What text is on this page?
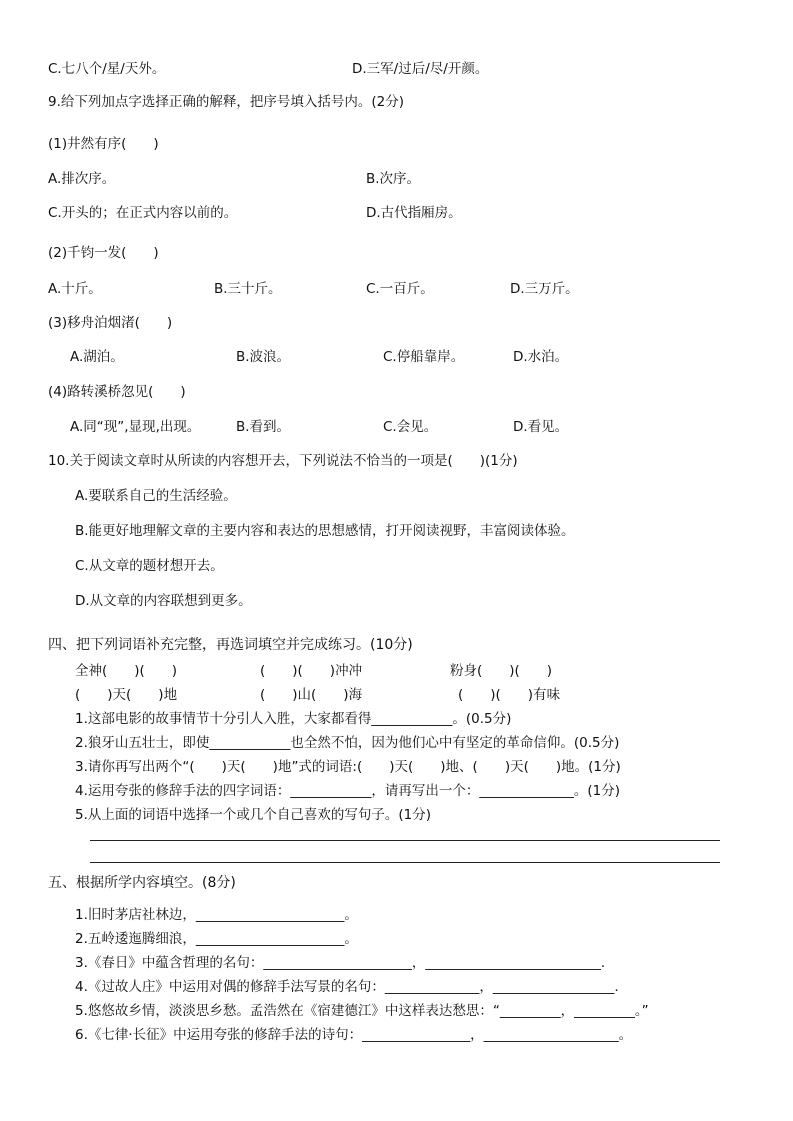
C.七八个/星/天外。	D.三军/过后/尽/开颜。
9.给下列加点字选择正确的解释，把序号填入括号内。(2分)
(1)井然有序(　　)
A.排次序。	B.次序。
C.开头的；在正式内容以前的。	D.古代指厢房。
(2)千钧一发(　　)
A.十斤。	B.三十斤。	C.一百斤。	D.三万斤。
(3)移舟泊烟渚(　　)
A.湖泊。	B.波浪。	C.停船靠岸。	D.水泊。
(4)路转溪桥忽见(　　)
A.同“现”,显现,出现。	B.看到。	C.会见。	D.看见。
10.关于阅读文章时从所读的内容想开去，下列说法不恰当的一项是(　　)(1分)
A.要联系自己的生活经验。
B.能更好地理解文章的主要内容和表达的思想感情，打开阅读视野，丰富阅读体验。
C.从文章的题材想开去。
D.从文章的内容联想到更多。
四、把下列词语补充完整，再选词填空并完成练习。(10分)
全神(　　)(　　)	(　　)(　　)冲冲	粉身(　　)(　　)
(　　)天(　　)地	(　　)山(　　)海	(　　)(　　)有味
1.这部电影的故事情节十分引人入胜，大家都看得____________。(0.5分)
2.狼牙山五壮士，即使____________也全然不怕，因为他们心中有坚定的革命信仰。(0.5分)
3.请你再写出两个“(　　)天(　　)地”式的词语:(　　)天(　　)地、(　　)天(　　)地。(1分)
4.运用夸张的修辞手法的四字词语：____________，请再写出一个：______________。(1分)
5.从上面的词语中选择一个或几个自己喜欢的写句子。(1分)
五、根据所学内容填空。(8分)
1.旧时茅店社林边，______________________。
2.五岭逶迤腾细浪，______________________。
3.《春日》中蕴含哲理的名句：______________________，__________________________.
4.《过故人庄》中运用对偶的修辞手法写景的名句：______________，__________________.
5.悠悠故乡情，淡淡思乡愁。孟浩然在《宿建德江》中这样表达愁思：“_________，_________。”
6.《七律·长征》中运用夸张的修辞手法的诗句：________________，____________________。
